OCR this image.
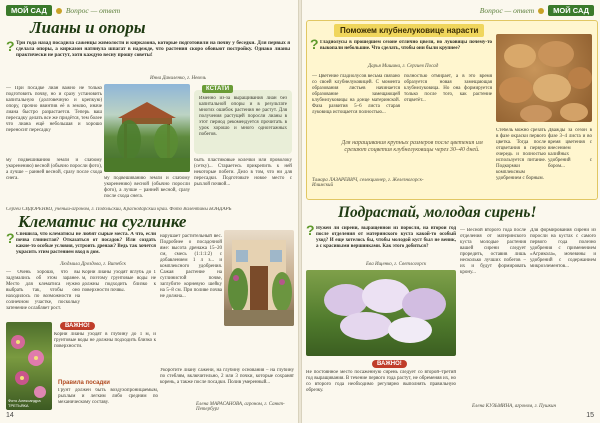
МОЙ САД	Вопрос — ответ
Лианы и опоры
? Три года назад посадила саженцы жимолости и кирказона, которые подготовили на почву у беседки. Для первых я сделала опоры, а кирказон натянула шпагат в надежде, что растения скоро обовьют постройку. Однако лианы практически не растут, хотя каждую весну прошу советы!
Инна Даниленко, г. Невель
— При посадке лиан важно не только подготовить почву, но и сразу установить капитальную (долговечную и крепкую) опору, прочно ввинтив её в землю, иначе лиана быстро разрастается. Теперь ваш пересадку делать все же придётся, тем более что лиана ещё небольшая и хорошо переносит пересадку
КСТАТИ
Именно из-за выращивания лиан без капитальной опоры и в результате многих ошибок растения не растут. Для получения растущей поросли лианы в этот период рекомендуется прочитать в урок хорошо и много одноэтажных побегов.
му подвешиванию земли и слабому укоренению) весной (обычно поросли фото), а лучше – ранней весной, сразу после схода снега.
быть пластиковые колечки или проволоку (сетку)... Стараетесь прикрепить к ней некоторые побеги. Дело в том, что ни для пересадки. Подготовьте новое место с рыхлой почвой...
му подвешиванию земли и слабому укоренению) весной (обычно поросли фото), а лучше – ранней весной, сразу после схода снега.
Сергей СИДОРЕНКО, ученый-агроном, г. Подольский, Краснодарский край. Фото Валентины БОНДАРЬ
Клематис на суглинке
? Спешила, что клематисы не любят сырые места. А что, если почва глинистая? Отказаться от посадок? Или создать какие-то особые условия, устроить дренаж? Ведь так хочется украсить этим растением вход в дом.
Людмила Дроздова, г. Витебск
— Очень хорошо, что вы задумались об этом заранее. Место для клематиса нужно выбрать так, чтобы оно находилось по возможности на солнечном участке, поскольку затенение ослабляет рост.
Корни лианы уходят вглубь до 1 м, поэтому грунтовые воды не должны подходить близко к поверхности почвы.
ВАЖНО!
Корни лианы уходят в глубину до 1 м, и грунтовые воды не должны подходить близко к поверхности.
Фото Александра ТРЕТЬЯКА
Правила посадки
Грунт должен быть воздухопроницаемым, рыхлым и легким либо средним по механическому составу.
нарушает растительный вес. Подробнее о посадочной яме: высота дренажа 15–20 см, смесь (1:1:1:2) с добавлением 1 л з... и комплексного удобрения. Сажая растение на суглинистой почве, заглубите корневую шейку на 5–8 см. При поливе почва не должна...
Укоротите лиану сажени, на глубину основания – на глубину по стеблям, включительно, 2 или 3 почки, которые сохранят корень, а также после посадки. Полив умеренный...
Елена МАРАСАНОВА, агроном, г. Санкт-Петербург
14
Вопрос — ответ	МОЙ САД
Поможем клубнелуковице нарасти
? Гладиолусы в прошедшем сезоне отлично цвели, но луковицы почему-то выкопали небольшие. Что сделать, чтобы они были крупнее?
Дарья Мишина, г. Сергиев Посад
— Цветение гладиолусов весьма связано со своей клубнелуковицей. С момента образования листьев начинается образование замещающей клубнелуковицы на донце материнской. Фаза развития 5–6 листа старая луковица истощается полностью...
полностью отмирает, а в это время образуется новая замещающая клубнелуковица. Но она формируется только после того, как растение отцветёт...
Для наращивания крупных размеров после цветения им срезают соцветия клубнелуковицы через 30–40 дней.
Тамара ЛАЗАРЕВИЧ, селекционер, г. Железногорск-Илимский
Стебель можно срезать в фазе окраски первого цветка. Тогда после отцветания в первую очередь и полностью используется питание. Подкормки комплексным удобрением с борным.
Дважды за сезон в фазе 3–4 листа и во время цветения с внесением калийных удобрений с бором...
Подрастай, молодая сирень!
? Нужен ли сирени, выращенной из поросли, на второй год после отделения от материнского куста какой-то особый уход? И еще хотелось бы, чтобы молодой куст был не веник, а с красивыми вершинками. Как этого добиться?
Ева Ищенко, г. Светлогорск
ВАЖНО!
Не постоянное место посаженную сирень следует со второй–третий год выращивания. В течение первого года растут, не обременяя их, но со второго года необходимо регулярно выполнять правильную обрезку.
— Весной второго года после отделения от материнского куста молодые растения вашей сирени следует проредить, оставив лишь несколько лучших побегов – их и будут формировать крону...
Для формирования сирени из поросли на кустах с самого первого года полезно удобрения с применением «Агрикола», мочевины и удобрений с содержанием микроэлементов...
Елена КУЗЬМИНА, агроном, г. Пушкин
15
